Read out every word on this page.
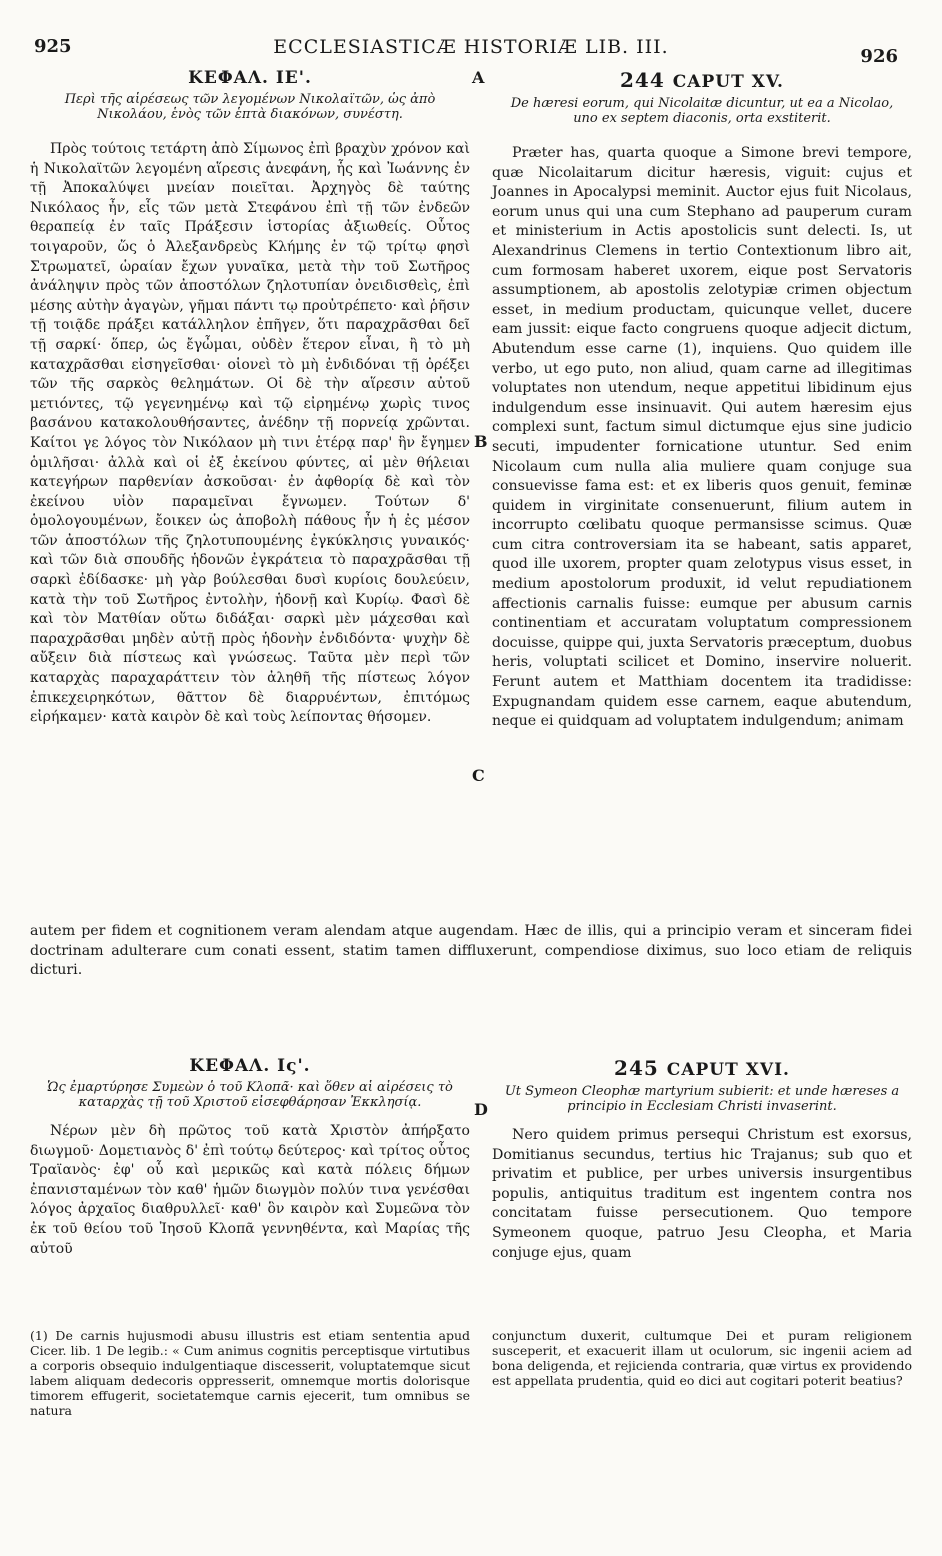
925	ECCLESIASTICÆ HISTORIÆ LIB. III.	926
A
B
C
D

ΚΕΦΑΛ. ΙΕ'.

Περὶ τῆς αἱρέσεως τῶν λεγομένων Νικολαϊτῶν, ὡς ἀπὸ Νικολάου, ἑνὸς τῶν ἑπτὰ διακόνων, συνέστη.

Πρὸς τούτοις τετάρτη ἀπὸ Σίμωνος ἐπὶ βραχὺν χρόνον καὶ ἡ Νικολαϊτῶν λεγομένη αἵρεσις ἀνεφάνη, ἧς καὶ Ἰωάννης ἐν τῇ Ἀποκαλύψει μνείαν ποιεῖται. Ἀρχηγὸς δὲ ταύτης Νικόλαος ἦν, εἷς τῶν μετὰ Στεφάνου ἐπὶ τῇ τῶν ἐνδεῶν θεραπείᾳ ἐν ταῖς Πράξεσιν ἱστορίας ἀξιωθείς. Οὗτος τοιγαροῦν, ὥς ὁ Ἀλεξανδρεὺς Κλήμης ἐν τῷ τρίτῳ φησὶ Στρωματεῖ, ὡραίαν ἔχων γυναῖκα, μετὰ τὴν τοῦ Σωτῆρος ἀνάληψιν πρὸς τῶν ἀποστόλων ζηλοτυπίαν ὀνειδισθεὶς, ἐπὶ μέσης αὐτὴν ἀγαγὼν, γῆμαι πάντι τῳ προὐτρέπετο· καὶ ῥῆσιν τῇ τοιᾷδε πράξει κατάλληλον ἐπῆγεν, ὅτι παραχρᾶσθαι δεῖ τῇ σαρκί· ὅπερ, ὡς ἔγὦμαι, οὐδὲν ἕτερον εἶναι, ἢ τὸ μὴ καταχρᾶσθαι εἰσηγεῖσθαι· οἱονεὶ τὸ μὴ ἐνδιδόναι τῇ ὀρέξει τῶν τῆς σαρκὸς θελημάτων. Οἱ δὲ τὴν αἵρεσιν αὐτοῦ μετιόντες, τῷ γεγενημένῳ καὶ τῷ εἰρημένῳ χωρὶς τινος βασάνου κατακολουθήσαντες, ἀνέδην τῇ πορνείᾳ χρῶνται. Καίτοι γε λόγος τὸν Νικόλαον μὴ τινι ἑτέρᾳ παρ' ἣν ἔγημεν ὁμιλῆσαι· ἀλλὰ καὶ οἱ ἐξ ἐκείνου φύντες, αἱ μὲν θήλειαι κατεγήρων παρθενίαν ἀσκοῦσαι· ἐν ἀφθορίᾳ δὲ καὶ τὸν ἐκείνου υἱὸν παραμεῖναι ἔγνωμεν. Τούτων δ' ὁμολογουμένων, ἔοικεν ὡς ἀποβολὴ πάθους ἦν ἡ ἐς μέσον τῶν ἀποστόλων τῆς ζηλοτυπουμένης ἐγκύκλησις γυναικός· καὶ τῶν διὰ σπουδῆς ἡδονῶν ἐγκράτεια τὸ παραχρᾶσθαι τῇ σαρκὶ ἐδίδασκε· μὴ γὰρ βούλεσθαι δυσὶ κυρίοις δουλεύειν, κατὰ τὴν τοῦ Σωτῆρος ἐντολὴν, ἡδονῇ καὶ Κυρίῳ. Φασὶ δὲ καὶ τὸν Ματθίαν οὕτω διδάξαι· σαρκὶ μὲν μάχεσθαι καὶ παραχρᾶσθαι μηδὲν αὐτῇ πρὸς ἡδονὴν ἐνδιδόντα· ψυχὴν δὲ αὔξειν διὰ πίστεως καὶ γνώσεως. Ταῦτα μὲν περὶ τῶν καταρχὰς παραχαράττειν τὸν ἀληθῆ τῆς πίστεως λόγον ἐπικεχειρηκότων, θᾶττον δὲ διαρρυέντων, ἐπιτόμως εἰρήκαμεν· κατὰ καιρὸν δὲ καὶ τοὺς λείποντας θήσομεν.

244 CAPUT XV.

De hæresi eorum, qui Nicolaitæ dicuntur, ut ea a Nicolao, uno ex septem diaconis, orta exstiterit.

Præter has, quarta quoque a Simone brevi tempore, quæ Nicolaitarum dicitur hæresis, viguit: cujus et Joannes in Apocalypsi meminit. Auctor ejus fuit Nicolaus, eorum unus qui una cum Stephano ad pauperum curam et ministerium in Actis apostolicis sunt delecti. Is, ut Alexandrinus Clemens in tertio Contextionum libro ait, cum formosam haberet uxorem, eique post Servatoris assumptionem, ab apostolis zelotypiæ crimen objectum esset, in medium productam, quicunque vellet, ducere eam jussit: eique facto congruens quoque adjecit dictum, Abutendum esse carne (1), inquiens. Quo quidem ille verbo, ut ego puto, non aliud, quam carne ad illegitimas voluptates non utendum, neque appetitui libidinum ejus indulgendum esse insinuavit. Qui autem hæresim ejus complexi sunt, factum simul dictumque ejus sine judicio secuti, impudenter fornicatione utuntur. Sed enim Nicolaum cum nulla alia muliere quam conjuge sua consuevisse fama est: et ex liberis quos genuit, feminæ quidem in virginitate consenuerunt, filium autem in incorrupto cœlibatu quoque permansisse scimus. Quæ cum citra controversiam ita se habeant, satis apparet, quod ille uxorem, propter quam zelotypus visus esset, in medium apostolorum produxit, id velut repudiationem affectionis carnalis fuisse: eumque per abusum carnis continentiam et accuratam voluptatum compressionem docuisse, quippe qui, juxta Servatoris præceptum, duobus heris, voluptati scilicet et Domino, inservire noluerit. Ferunt autem et Matthiam docentem ita tradidisse: Expugnandam quidem esse carnem, eaque abutendum, neque ei quidquam ad voluptatem indulgendum; animam

autem per fidem et cognitionem veram alendam atque augendam. Hæc de illis, qui a principio veram et sinceram fidei doctrinam adulterare cum conati essent, statim tamen diffluxerunt, compendiose diximus, suo loco etiam de reliquis dicturi.

ΚΕΦΑΛ. Ις'.

Ὡς ἐμαρτύρησε Συμεὼν ὁ τοῦ Κλοπᾶ· καὶ ὅθεν αἱ αἱρέσεις τὸ καταρχὰς τῇ τοῦ Χριστοῦ εἰσεφθάρησαν Ἐκκλησίᾳ.

Νέρων μὲν δὴ πρῶτος τοῦ κατὰ Χριστὸν ἀπήρξατο διωγμοῦ· Δομετιανὸς δ' ἐπὶ τούτῳ δεύτερος· καὶ τρίτος οὗτος Τραϊανὸς· ἐφ' οὗ καὶ μερικῶς καὶ κατὰ πόλεις δήμων ἐπανισταμένων τὸν καθ' ἡμῶν διωγμὸν πολύν τινα γενέσθαι λόγος ἀρχαῖος διαθρυλλεῖ· καθ' ὃν καιρὸν καὶ Συμεῶνα τὸν ἐκ τοῦ θείου τοῦ Ἰησοῦ Κλοπᾶ γεννηθέντα, καὶ Μαρίας τῆς αὐτοῦ

245 CAPUT XVI.

Ut Symeon Cleophæ martyrium subierit: et unde hæreses a principio in Ecclesiam Christi invaserint.

Nero quidem primus persequi Christum est exorsus, Domitianus secundus, tertius hic Trajanus; sub quo et privatim et publice, per urbes universis insurgentibus populis, antiquitus traditum est ingentem contra nos concitatam fuisse persecutionem. Quo tempore Symeonem quoque, patruo Jesu Cleopha, et Maria conjuge ejus, quam

(1) De carnis hujusmodi abusu illustris est etiam sententia apud Cicer. lib. 1 De legib.: « Cum animus cognitis perceptisque virtutibus a corporis obsequio indulgentiaque discesserit, voluptatemque sicut labem aliquam dedecoris oppresserit, omnemque mortis dolorisque timorem effugerit, societatemque carnis ejecerit, tum omnibus se natura

conjunctum duxerit, cultumque Dei et puram religionem susceperit, et exacuerit illam ut oculorum, sic ingenii aciem ad bona deligenda, et rejicienda contraria, quæ virtus ex providendo est appellata prudentia, quid eo dici aut cogitari poterit beatius?
